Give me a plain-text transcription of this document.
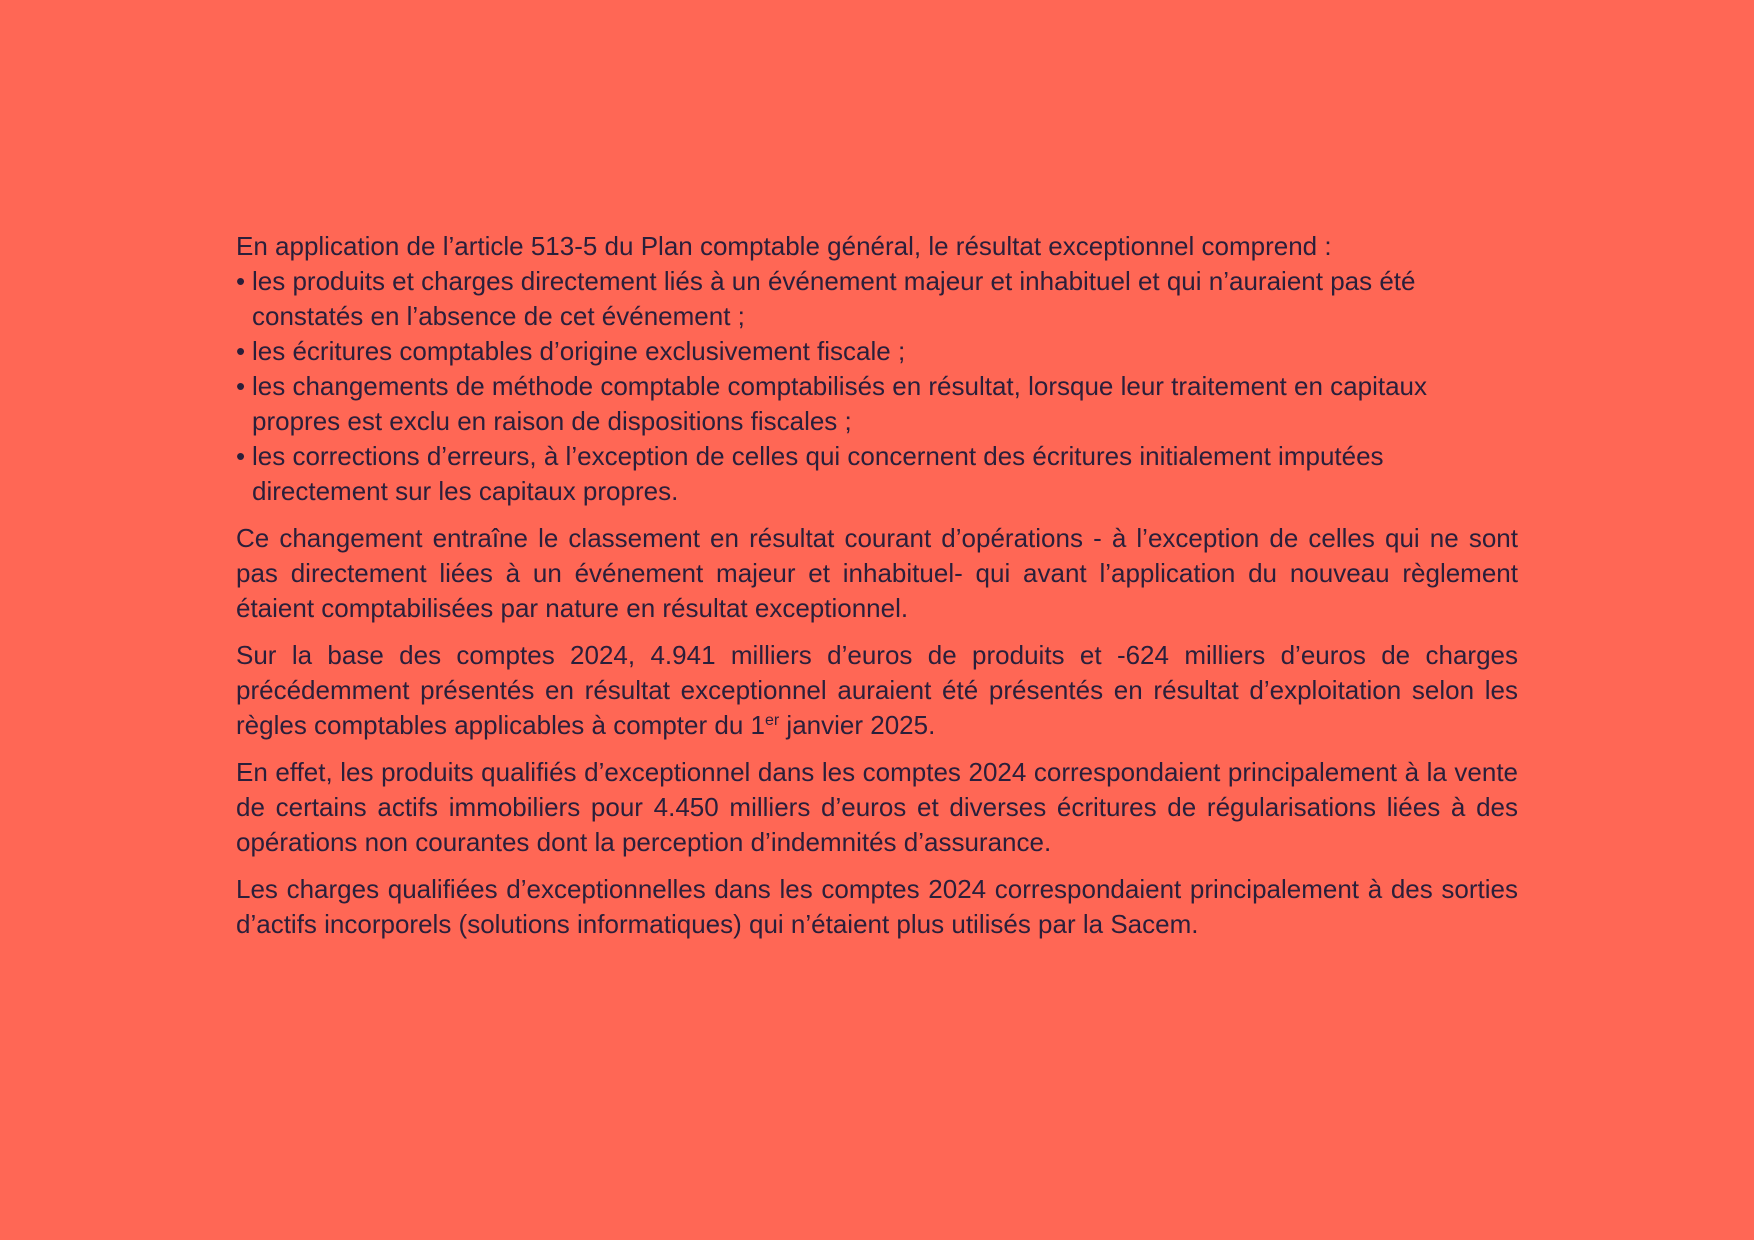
En application de l’article 513-5 du Plan comptable général, le résultat exceptionnel comprend :

• les produits et charges directement liés à un événement majeur et inhabituel et qui n’auraient pas été constatés en l’absence de cet événement ;
• les écritures comptables d’origine exclusivement fiscale ;
• les changements de méthode comptable comptabilisés en résultat, lorsque leur traitement en capitaux propres est exclu en raison de dispositions fiscales ;
• les corrections d’erreurs, à l’exception de celles qui concernent des écritures initialement imputées directement sur les capitaux propres.

Ce changement entraîne le classement en résultat courant d’opérations - à l’exception de celles qui ne sont pas directement liées à un événement majeur et inhabituel- qui avant l’application du nouveau règlement étaient comptabilisées par nature en résultat exceptionnel.

Sur la base des comptes 2024, 4.941 milliers d’euros de produits et -624 milliers d’euros de charges précédemment présentés en résultat exceptionnel auraient été présentés en résultat d’exploitation selon les règles comptables applicables à compter du 1er janvier 2025.

En effet, les produits qualifiés d’exceptionnel dans les comptes 2024 correspondaient principalement à la vente de certains actifs immobiliers pour 4.450 milliers d’euros et diverses écritures de régularisations liées à des opérations non courantes dont la perception d’indemnités d’assurance.

Les charges qualifiées d’exceptionnelles dans les comptes 2024 correspondaient principalement à des sorties d’actifs incorporels (solutions informatiques) qui n’étaient plus utilisés par la Sacem.
